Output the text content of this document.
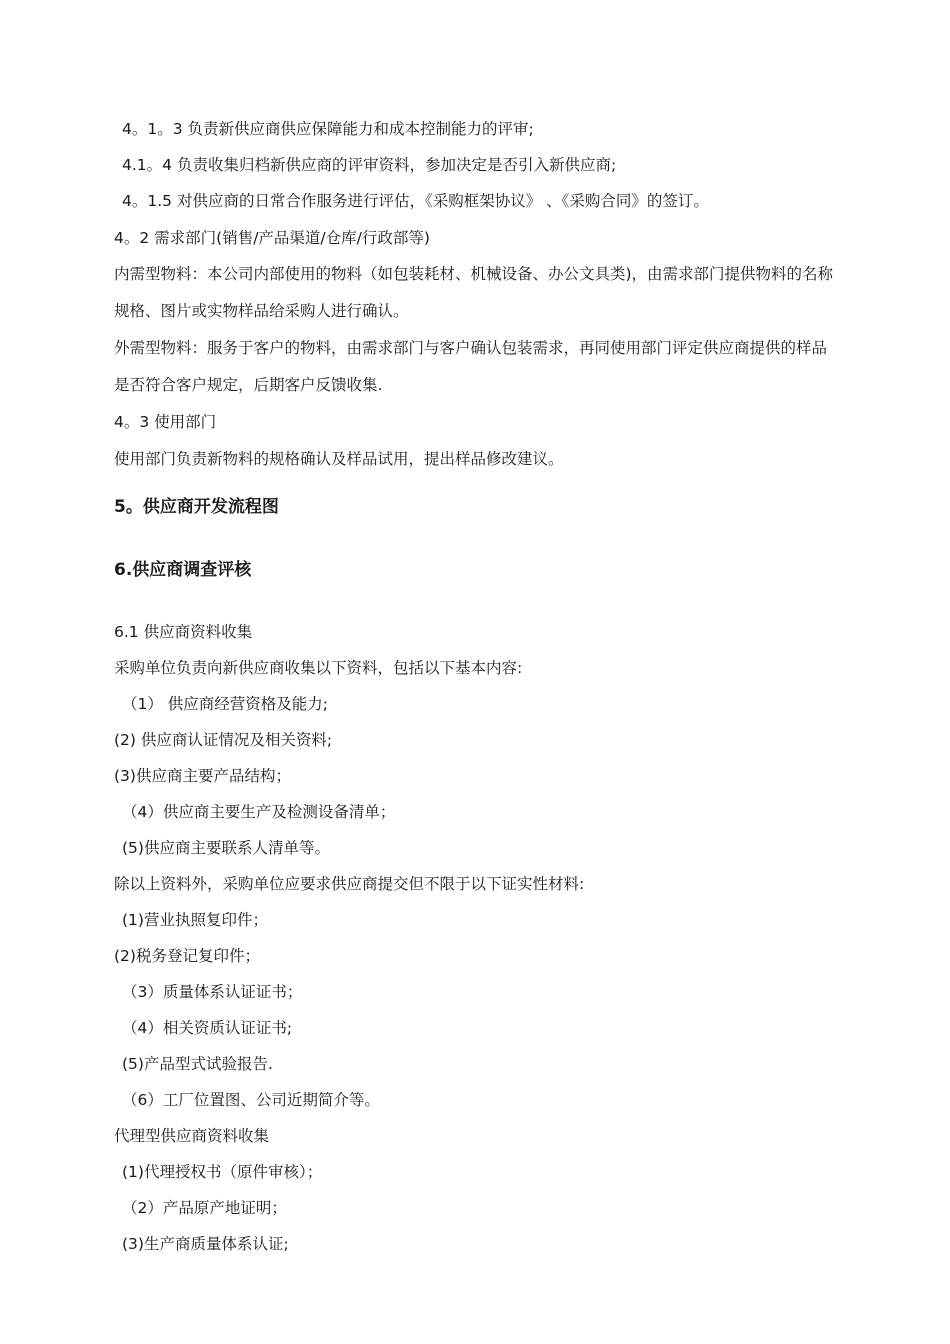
4。1。3 负责新供应商供应保障能力和成本控制能力的评审;
4.1。4 负责收集归档新供应商的评审资料，参加决定是否引入新供应商;
4。1.5 对供应商的日常合作服务进行评估，《采购框架协议》 、《采购合同》的签订。
4。2 需求部门(销售/产品渠道/仓库/行政部等)
内需型物料：本公司内部使用的物料（如包装耗材、机械设备、办公文具类)，由需求部门提供物料的名称规格、图片或实物样品给采购人进行确认。
外需型物料：服务于客户的物料，由需求部门与客户确认包装需求，再同使用部门评定供应商提供的样品是否符合客户规定，后期客户反馈收集.
4。3 使用部门
使用部门负责新物料的规格确认及样品试用，提出样品修改建议。
5。供应商开发流程图
6.供应商调查评核
6.1 供应商资料收集
采购单位负责向新供应商收集以下资料，包括以下基本内容:
（1） 供应商经营资格及能力;
(2) 供应商认证情况及相关资料;
(3)供应商主要产品结构；
（4）供应商主要生产及检测设备清单；
(5)供应商主要联系人清单等。
除以上资料外，采购单位应要求供应商提交但不限于以下证实性材料:
(1)营业执照复印件；
(2)税务登记复印件；
（3）质量体系认证证书；
（4）相关资质认证证书;
(5)产品型式试验报告.
（6）工厂位置图、公司近期简介等。
代理型供应商资料收集
(1)代理授权书（原件审核）；
（2）产品原产地证明；
(3)生产商质量体系认证;
